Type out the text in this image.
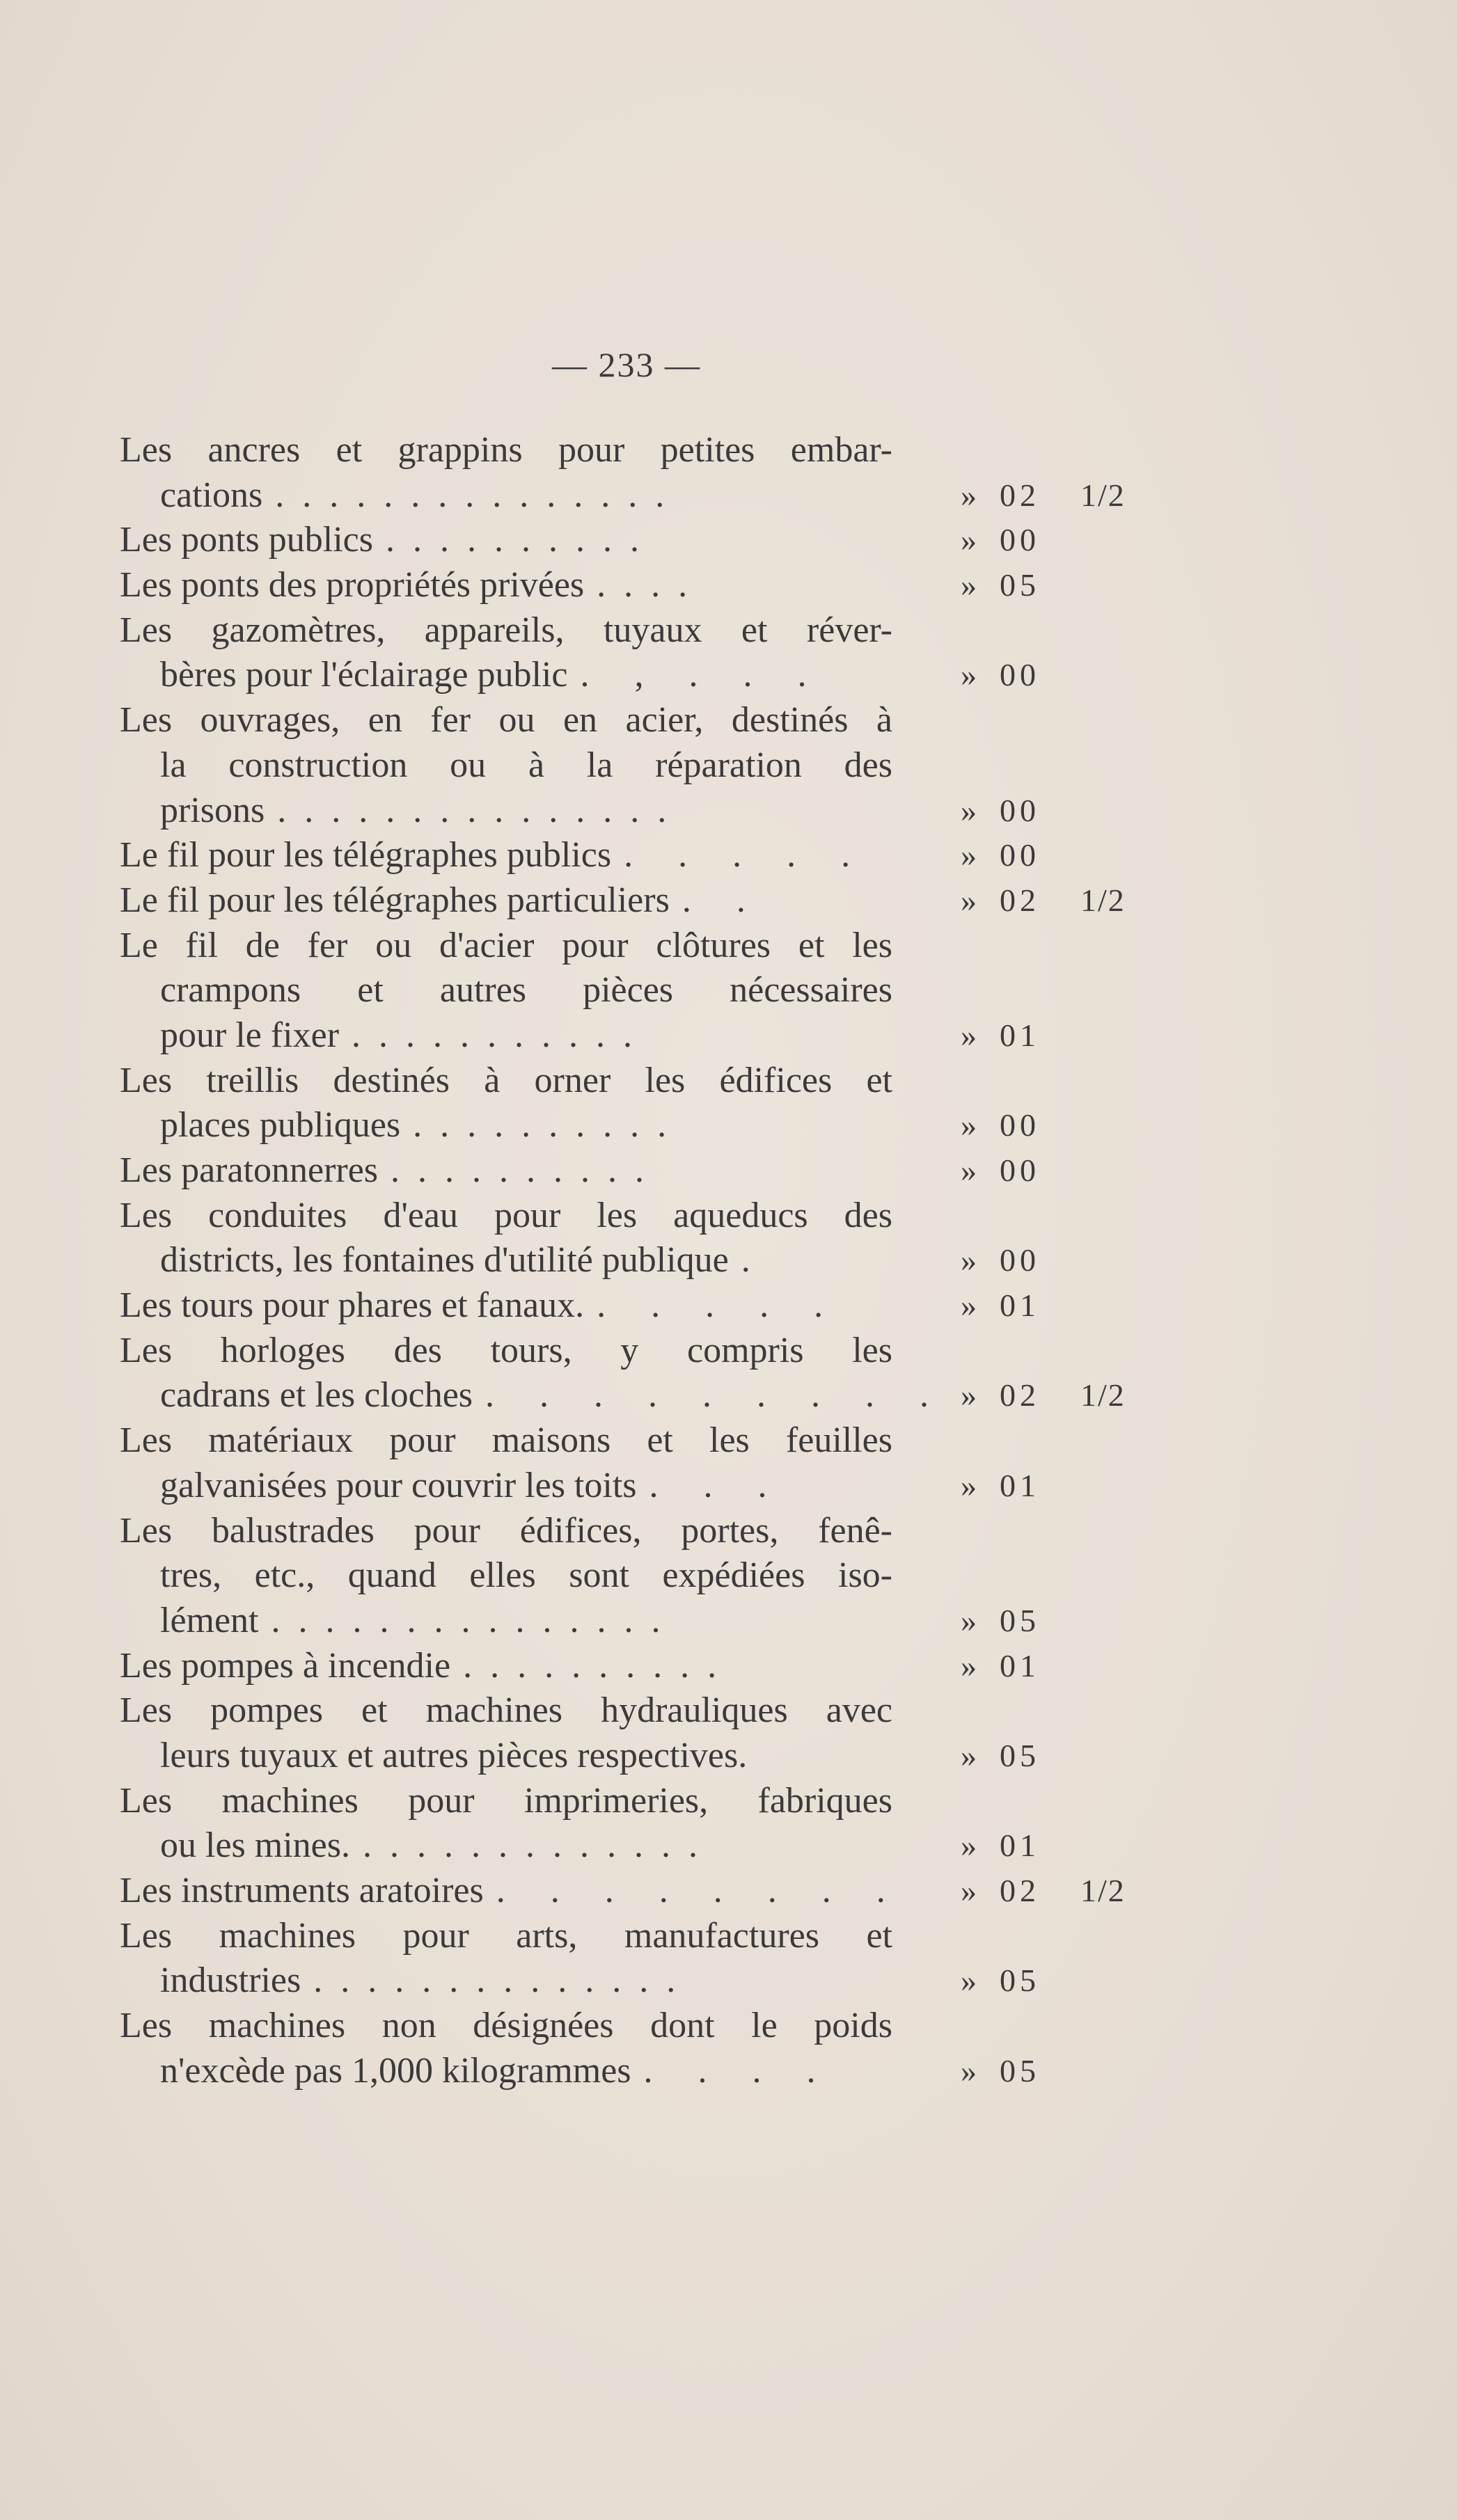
— 233 —
Les ancres et grappins pour petites embar-
cations ...............	» 02	1/2
Les ponts publics ..........	» 00
Les ponts des propriétés privées ....	» 05
Les gazomètres, appareils, tuyaux et réver-
bères pour l'éclairage public . , . . .	» 00
Les ouvrages, en fer ou en acier, destinés à
la construction ou à la réparation des
prisons ...............	» 00
Le fil pour les télégraphes publics . . . . .	» 00
Le fil pour les télégraphes particuliers . .	» 02	1/2
Le fil de fer ou d'acier pour clôtures et les
crampons et autres pièces nécessaires
pour le fixer ...........	» 01
Les treillis destinés à orner les édifices et
places publiques ..........	» 00
Les paratonnerres ..........	» 00
Les conduites d'eau pour les aqueducs des
districts, les fontaines d'utilité publique .	» 00
Les tours pour phares et fanaux. . . . . .	» 01
Les horloges des tours, y compris les
cadrans et les cloches . . . . . . . . . » 02	1/2
Les matériaux pour maisons et les feuilles
galvanisées pour couvrir les toits . . .	» 01
Les balustrades pour édifices, portes, fenê-
tres, etc., quand elles sont expédiées iso-
lément ...............	» 05
Les pompes à incendie ..........	» 01
Les pompes et machines hydrauliques avec
leurs tuyaux et autres pièces respectives.	» 05
Les machines pour imprimeries, fabriques
ou les mines. .............	» 01
Les instruments aratoires . . . . . . . . » 02	1/2
Les machines pour arts, manufactures et
industries ..............	» 05
Les machines non désignées dont le poids
n'excède pas 1,000 kilogrammes . . . .	» 05
